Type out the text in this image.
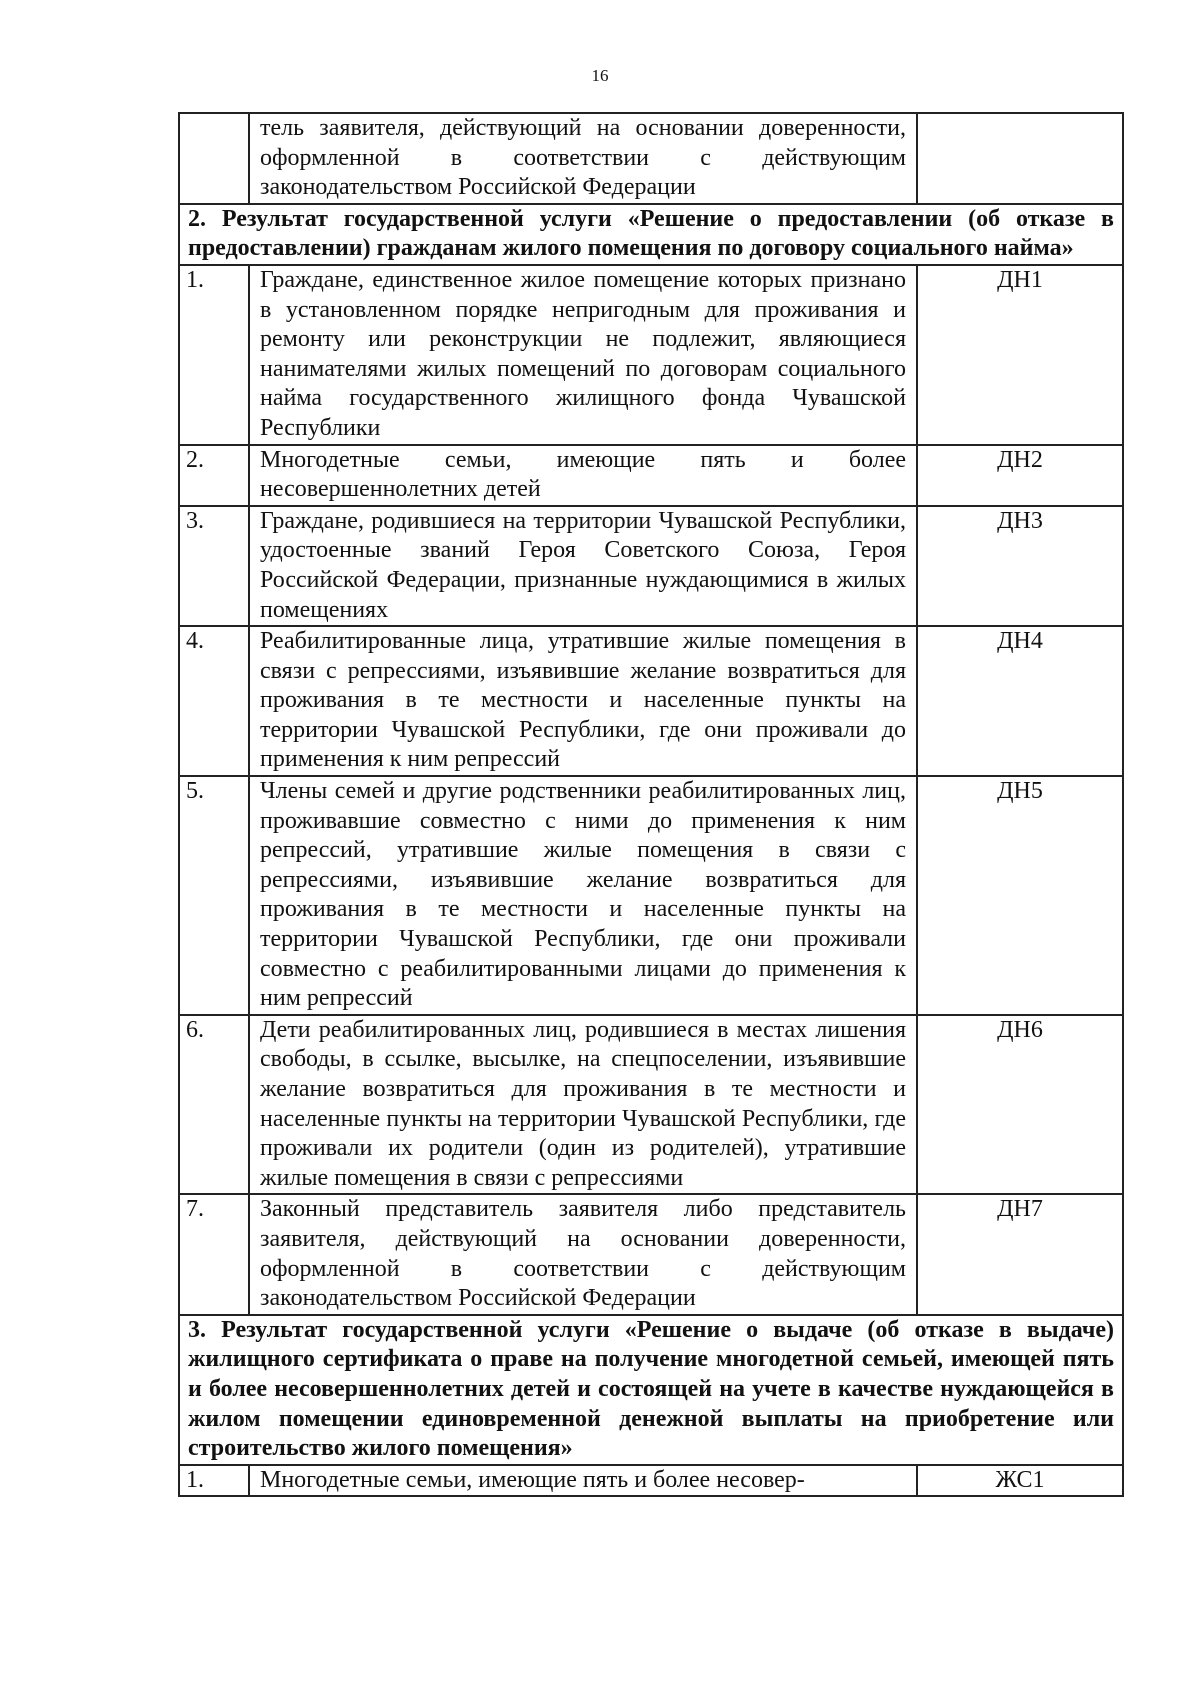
16
	тель заявителя, действующий на основании доверенности, оформленной в соответствии с действующим законодательством Российской Федерации	
2. Результат государственной услуги «Решение о предоставлении (об отказе в предоставлении) гражданам жилого помещения по договору социального найма»		
1.	Граждане, единственное жилое помещение которых признано в установленном порядке непригодным для проживания и ремонту или реконструкции не подлежит, являющиеся нанимателями жилых помещений по договорам социального найма государственного жилищного фонда Чувашской Республики	ДН1
2.	Многодетные семьи, имеющие пять и более несовершеннолетних детей	ДН2
3.	Граждане, родившиеся на территории Чувашской Республики, удостоенные званий Героя Советского Союза, Героя Российской Федерации, признанные нуждающимися в жилых помещениях	ДН3
4.	Реабилитированные лица, утратившие жилые помещения в связи с репрессиями, изъявившие желание возвратиться для проживания в те местности и населенные пункты на территории Чувашской Республики, где они проживали до применения к ним репрессий	ДН4
5.	Члены семей и другие родственники реабилитированных лиц, проживавшие совместно с ними до применения к ним репрессий, утратившие жилые помещения в связи с репрессиями, изъявившие желание возвратиться для проживания в те местности и населенные пункты на территории Чувашской Республики, где они проживали совместно с реабилитированными лицами до применения к ним репрессий	ДН5
6.	Дети реабилитированных лиц, родившиеся в местах лишения свободы, в ссылке, высылке, на спецпоселении, изъявившие желание возвратиться для проживания в те местности и населенные пункты на территории Чувашской Республики, где проживали их родители (один из родителей), утратившие жилые помещения в связи с репрессиями	ДН6
7.	Законный представитель заявителя либо представитель заявителя, действующий на основании доверенности, оформленной в соответствии с действующим законодательством Российской Федерации	ДН7
3. Результат государственной услуги «Решение о выдаче (об отказе в выдаче) жилищного сертификата о праве на получение многодетной семьей, имеющей пять и более несовершеннолетних детей и состоящей на учете в качестве нуждающейся в жилом помещении единовременной денежной выплаты на приобретение или строительство жилого помещения»		
1.	Многодетные семьи, имеющие пять и более несовер-	ЖС1
